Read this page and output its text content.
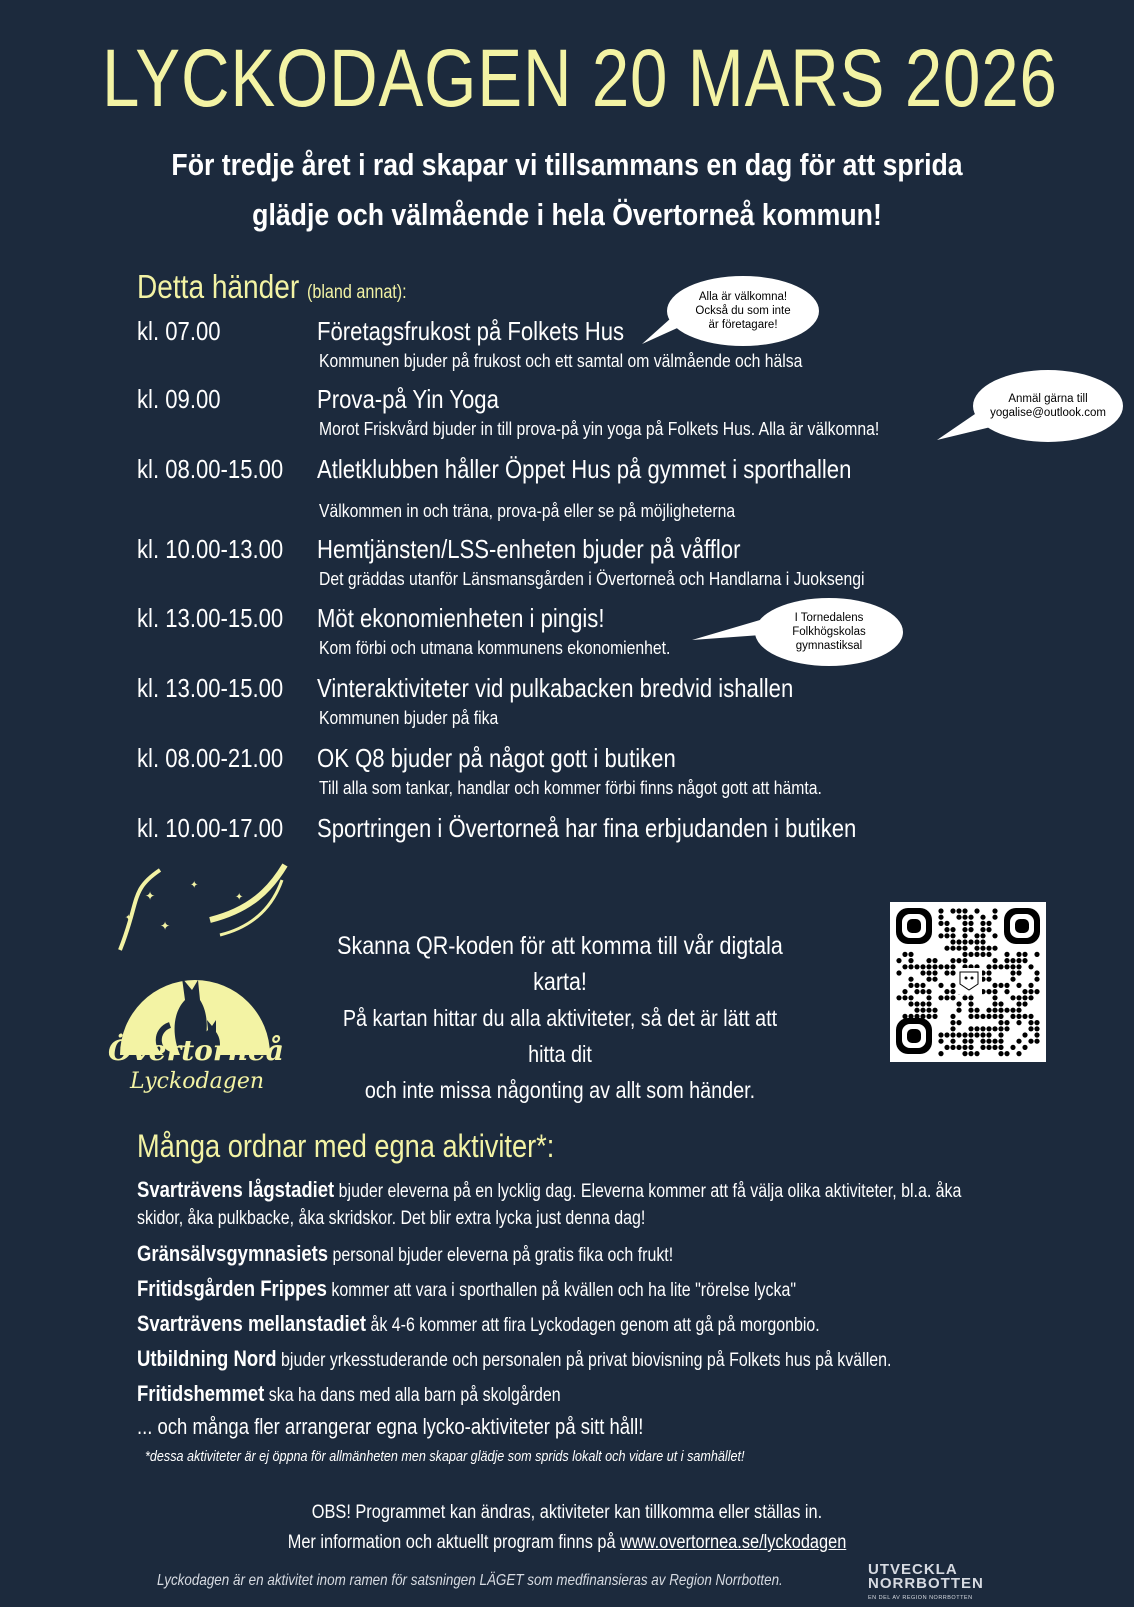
LYCKODAGEN 20 MARS 2026
För tredje året i rad skapar vi tillsammans en dag för att sprida
glädje och välmående i hela Övertorneå kommun!
Detta händer (bland annat):
kl. 07.00	Företagsfrukost på Folkets Hus
Kommunen bjuder på frukost och ett samtal om välmående och hälsa
kl. 09.00	Prova-på Yin Yoga
Morot Friskvård bjuder in till prova-på yin yoga på Folkets Hus. Alla är välkomna!
kl. 08.00-15.00 Atletklubben håller Öppet Hus på gymmet i sporthallen
Välkommen in och träna, prova-på eller se på möjligheterna
kl. 10.00-13.00 Hemtjänsten/LSS-enheten bjuder på våfflor
Det gräddas utanför Länsmansgården i Övertorneå och Handlarna i Juoksengi
kl. 13.00-15.00 Möt ekonomienheten i pingis!
Kom förbi och utmana kommunens ekonomienhet.
kl. 13.00-15.00 Vinteraktiviteter vid pulkabacken bredvid ishallen
Kommunen bjuder på fika
kl. 08.00-21.00 OK Q8 bjuder på något gott i butiken
Till alla som tankar, handlar och kommer förbi finns något gott att hämta.
kl. 10.00-17.00 Sportringen i Övertorneå har fina erbjudanden i butiken
Alla är välkomna!
Också du som inte
är företagare!
Anmäl gärna till
yogalise@outlook.com
I Tornedalens
Folkhögskolas
gymnastiksal
✦
✦
✦
✦
✦
Övertorneå
Lyckodagen
Skanna QR-koden för att komma till vår digtala karta!
På kartan hittar du alla aktiviteter, så det är lätt att hitta dit
och inte missa någonting av allt som händer.
Många ordnar med egna aktiviter*:
Svarträvens lågstadiet bjuder eleverna på en lycklig dag. Eleverna kommer att få välja olika aktiviteter, bl.a. åka
skidor, åka pulkbacke, åka skridskor. Det blir extra lycka just denna dag!
Gränsälvsgymnasiets personal bjuder eleverna på gratis fika och frukt!
Fritidsgården Frippes kommer att vara i sporthallen på kvällen och ha lite "rörelse lycka"
Svarträvens mellanstadiet åk 4-6 kommer att fira Lyckodagen genom att gå på morgonbio.
Utbildning Nord bjuder yrkesstuderande och personalen på privat biovisning på Folkets hus på kvällen.
Fritidshemmet ska ha dans med alla barn på skolgården
... och många fler arrangerar egna lycko-aktiviteter på sitt håll!
*dessa aktiviteter är ej öppna för allmänheten men skapar glädje som sprids lokalt och vidare ut i samhället!
OBS! Programmet kan ändras, aktiviteter kan tillkomma eller ställas in.
Mer information och aktuellt program finns på www.overtornea.se/lyckodagen
Lyckodagen är en aktivitet inom ramen för satsningen LÄGET som medfinansieras av Region Norrbotten.
UTVECKLA
NORRBOTTEN
EN DEL AV REGION NORRBOTTEN
